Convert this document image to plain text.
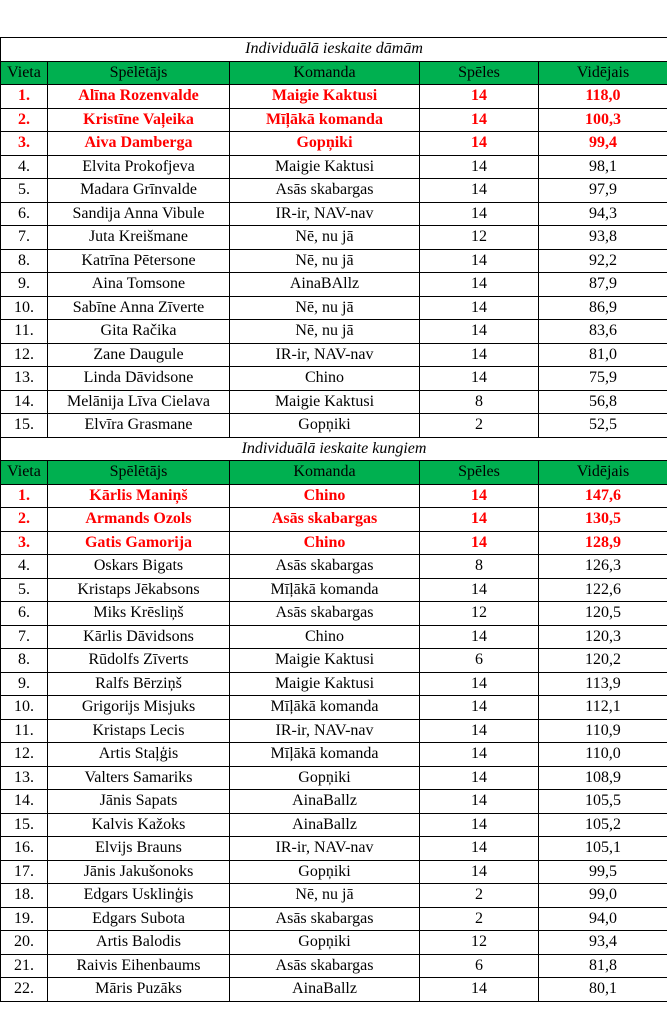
Individuālā ieskaite dāmām				
Vieta	Spēlētājs	Komanda	Spēles	Vidējais
1.	Alīna Rozenvalde	Maigie Kaktusi	14	118,0
2.	Kristīne Vaļeika	Mīļākā komanda	14	100,3
3.	Aiva Damberga	Gopņiki	14	99,4
4.	Elvita Prokofjeva	Maigie Kaktusi	14	98,1
5.	Madara Grīnvalde	Asās skabargas	14	97,9
6.	Sandija Anna Vibule	IR-ir, NAV-nav	14	94,3
7.	Juta Kreišmane	Nē, nu jā	12	93,8
8.	Katrīna Pētersone	Nē, nu jā	14	92,2
9.	Aina Tomsone	AinaBAllz	14	87,9
10.	Sabīne Anna Zīverte	Nē, nu jā	14	86,9
11.	Gita Račika	Nē, nu jā	14	83,6
12.	Zane Daugule	IR-ir, NAV-nav	14	81,0
13.	Linda Dāvidsone	Chino	14	75,9
14.	Melānija Līva Cielava	Maigie Kaktusi	8	56,8
15.	Elvīra Grasmane	Gopņiki	2	52,5
Individuālā ieskaite kungiem				
Vieta	Spēlētājs	Komanda	Spēles	Vidējais
1.	Kārlis Maniņš	Chino	14	147,6
2.	Armands Ozols	Asās skabargas	14	130,5
3.	Gatis Gamorija	Chino	14	128,9
4.	Oskars Bigats	Asās skabargas	8	126,3
5.	Kristaps Jēkabsons	Mīļākā komanda	14	122,6
6.	Miks Krēsliņš	Asās skabargas	12	120,5
7.	Kārlis Dāvidsons	Chino	14	120,3
8.	Rūdolfs Zīverts	Maigie Kaktusi	6	120,2
9.	Ralfs Bērziņš	Maigie Kaktusi	14	113,9
10.	Grigorijs Misjuks	Mīļākā komanda	14	112,1
11.	Kristaps Lecis	IR-ir, NAV-nav	14	110,9
12.	Artis Staļģis	Mīļākā komanda	14	110,0
13.	Valters Samariks	Gopņiki	14	108,9
14.	Jānis Sapats	AinaBallz	14	105,5
15.	Kalvis Kažoks	AinaBallz	14	105,2
16.	Elvijs Brauns	IR-ir, NAV-nav	14	105,1
17.	Jānis Jakušonoks	Gopņiki	14	99,5
18.	Edgars Usklinģis	Nē, nu jā	2	99,0
19.	Edgars Subota	Asās skabargas	2	94,0
20.	Artis Balodis	Gopņiki	12	93,4
21.	Raivis Eihenbaums	Asās skabargas	6	81,8
22.	Māris Puzāks	AinaBallz	14	80,1
